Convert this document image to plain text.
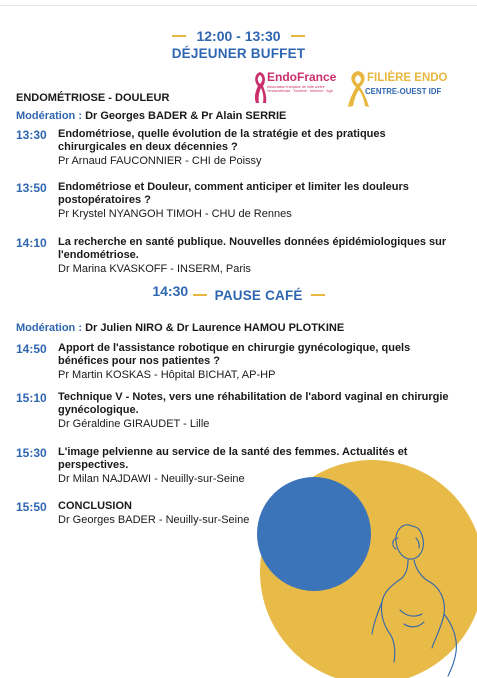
12:00 - 13:30
DÉJEUNER BUFFET
EndoFrance
Association française de lutte contre l'endométriose · Soutenir · Informer · Agir
FILIÈRE ENDO
CENTRE-OUEST IDF
ENDOMÉTRIOSE - DOULEUR
Modération : Dr Georges BADER & Pr Alain SERRIE
13:30	Endométriose, quelle évolution de la stratégie et des pratiques chirurgicales en deux décennies ?
Pr Arnaud FAUCONNIER - CHI de Poissy
13:50	Endométriose et Douleur, comment anticiper et limiter les douleurs postopératoires ?
Pr Krystel NYANGOH TIMOH - CHU de Rennes
14:10	La recherche en santé publique. Nouvelles données épidémiologiques sur l'endométriose.
Dr Marina KVASKOFF - INSERM, Paris
14:30 PAUSE CAFÉ
Modération : Dr Julien NIRO & Dr Laurence HAMOU PLOTKINE
14:50	Apport de l'assistance robotique en chirurgie gynécologique, quels bénéfices pour nos patientes ?
Pr Martin KOSKAS - Hôpital BICHAT, AP-HP
15:10	Technique V - Notes, vers une réhabilitation de l'abord vaginal en chirurgie gynécologique.
Dr Géraldine GIRAUDET - Lille
15:30	L'image pelvienne au service de la santé des femmes. Actualités et perspectives.
Dr Milan NAJDAWI - Neuilly-sur-Seine
15:50	CONCLUSION
Dr Georges BADER - Neuilly-sur-Seine
